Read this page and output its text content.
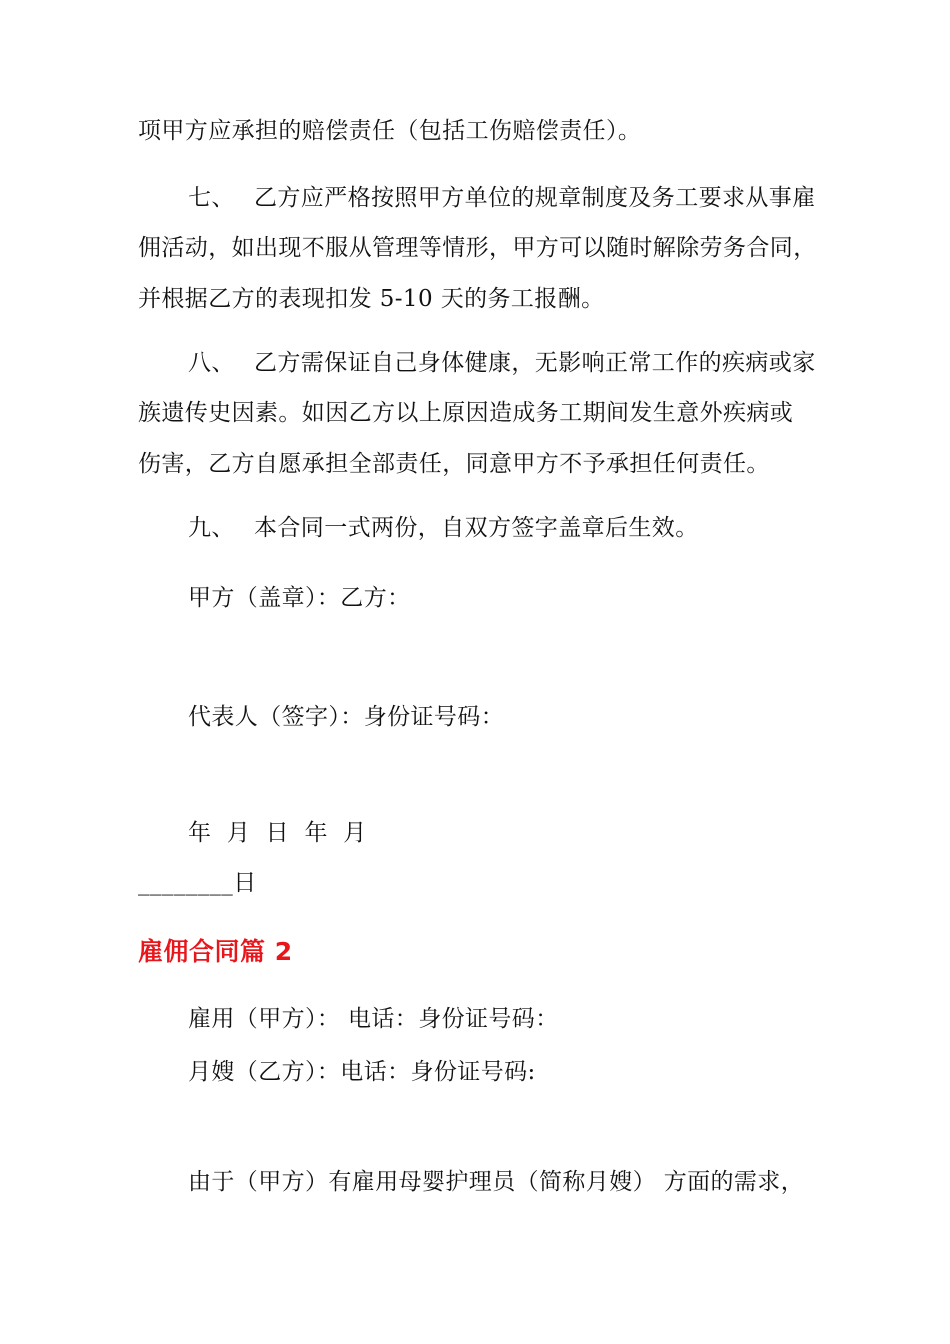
项甲方应承担的赔偿责任（包括工伤赔偿责任）。
七、 乙方应严格按照甲方单位的规章制度及务工要求从事雇
佣活动，如出现不服从管理等情形，甲方可以随时解除劳务合同，
并根据乙方的表现扣发 5-10 天的务工报酬。
八、 乙方需保证自己身体健康，无影响正常工作的疾病或家
族遗传史因素。如因乙方以上原因造成务工期间发生意外疾病或
伤害，乙方自愿承担全部责任，同意甲方不予承担任何责任。
九、 本合同一式两份，自双方签字盖章后生效。
甲方（盖章）：乙方：
代表人（签字）：身份证号码：
年  月  日  年  月
________日
雇佣合同篇 2
雇用（甲方）： 电话：身份证号码：
月嫂（乙方）：电话：身份证号码:
由于（甲方）有雇用母婴护理员（简称月嫂） 方面的需求，
